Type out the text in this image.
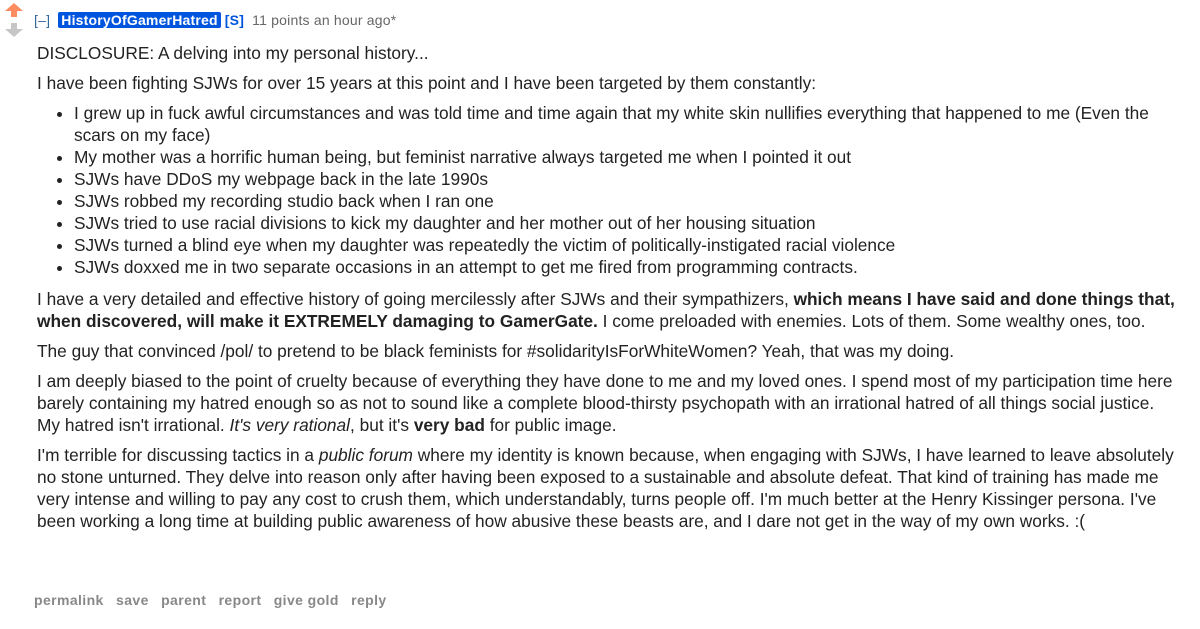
[–] HistoryOfGamerHatred [S] 11 points an hour ago*

DISCLOSURE: A delving into my personal history...

I have been fighting SJWs for over 15 years at this point and I have been targeted by them constantly:

• I grew up in fuck awful circumstances and was told time and time again that my white skin nullifies everything that happened to me (Even the scars on my face)
• My mother was a horrific human being, but feminist narrative always targeted me when I pointed it out
• SJWs have DDoS my webpage back in the late 1990s
• SJWs robbed my recording studio back when I ran one
• SJWs tried to use racial divisions to kick my daughter and her mother out of her housing situation
• SJWs turned a blind eye when my daughter was repeatedly the victim of politically-instigated racial violence
• SJWs doxxed me in two separate occasions in an attempt to get me fired from programming contracts.

I have a very detailed and effective history of going mercilessly after SJWs and their sympathizers, which means I have said and done things that, when discovered, will make it EXTREMELY damaging to GamerGate. I come preloaded with enemies. Lots of them. Some wealthy ones, too.

The guy that convinced /pol/ to pretend to be black feminists for #solidarityIsForWhiteWomen? Yeah, that was my doing.

I am deeply biased to the point of cruelty because of everything they have done to me and my loved ones. I spend most of my participation time here barely containing my hatred enough so as not to sound like a complete blood-thirsty psychopath with an irrational hatred of all things social justice. My hatred isn't irrational. It's very rational, but it's very bad for public image.

I'm terrible for discussing tactics in a public forum where my identity is known because, when engaging with SJWs, I have learned to leave absolutely no stone unturned. They delve into reason only after having been exposed to a sustainable and absolute defeat. That kind of training has made me very intense and willing to pay any cost to crush them, which understandably, turns people off. I'm much better at the Henry Kissinger persona. I've been working a long time at building public awareness of how abusive these beasts are, and I dare not get in the way of my own works. :(

permalink save parent report give gold reply
